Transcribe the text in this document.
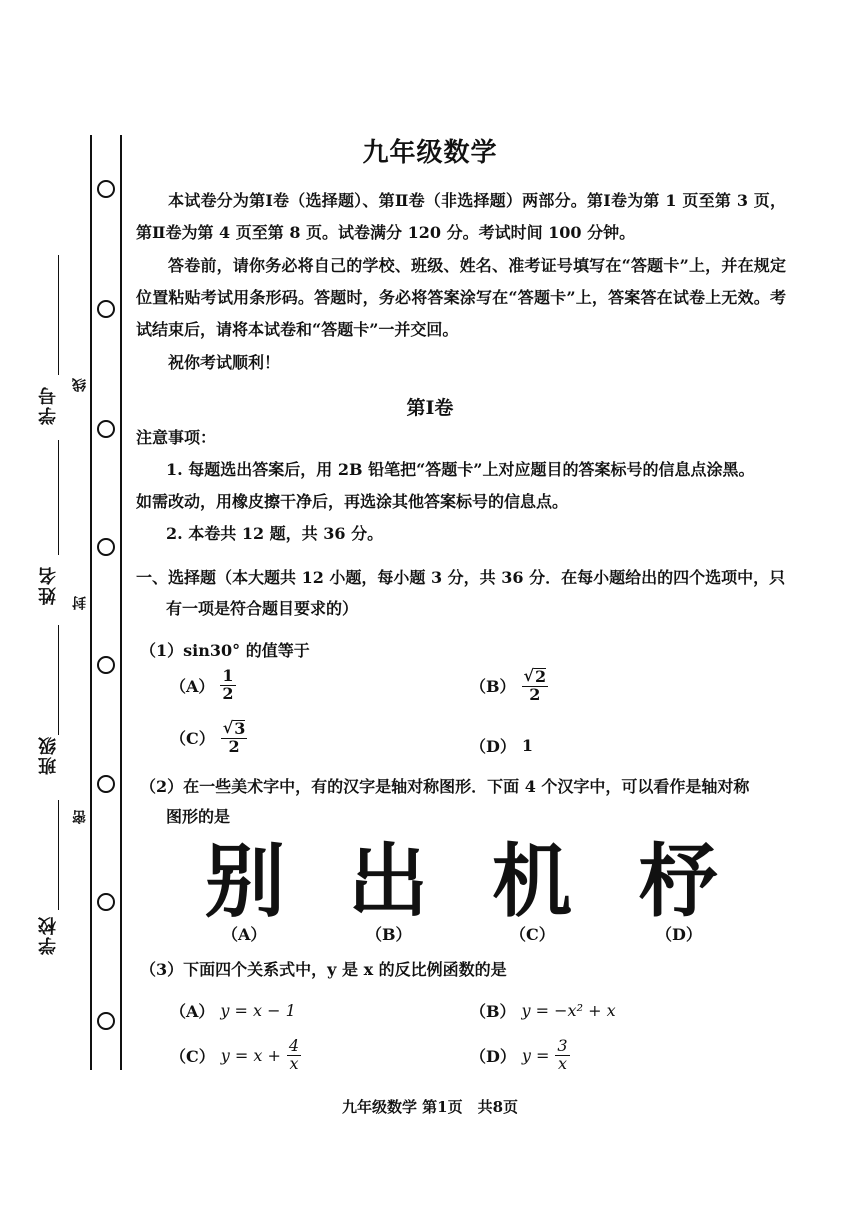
学号 线
姓名 封
班级
密
学校
九年级数学
本试卷分为第Ⅰ卷（选择题）、第Ⅱ卷（非选择题）两部分。第Ⅰ卷为第 1 页至第 3 页，第Ⅱ卷为第 4 页至第 8 页。试卷满分 120 分。考试时间 100 分钟。
答卷前，请你务必将自己的学校、班级、姓名、准考证号填写在“答题卡”上，并在规定位置粘贴考试用条形码。答题时，务必将答案涂写在“答题卡”上，答案答在试卷上无效。考试结束后，请将本试卷和“答题卡”一并交回。
祝你考试顺利！
第Ⅰ卷
注意事项：
1. 每题选出答案后，用 2B 铅笔把“答题卡”上对应题目的答案标号的信息点涂黑。
如需改动，用橡皮擦干净后，再选涂其他答案标号的信息点。
2. 本卷共 12 题，共 36 分。
一、选择题（本大题共 12 小题，每小题 3 分，共 36 分．在每小题给出的四个选项中，只
有一项是符合题目要求的）
（1）sin30° 的值等于
$(A) \frac{1}{2}$	$(B) \frac{√ 2}{2}$
$(C) \frac{√ 3}{2}$	（D） 1
（2）在一些美术字中，有的汉字是轴对称图形．下面 4 个汉字中，可以看作是轴对称
图形的是
别 出 机 杼
（A）	（B）	（C）	（D）
（3）下面四个关系式中，y 是 x 的反比例函数的是
（A） y = x − 1	（B） y = −x² + x
（C） $y = x + \frac{4}{x}$	（D） $y = \frac{3}{x}$
九年级数学 第1页　共8页
